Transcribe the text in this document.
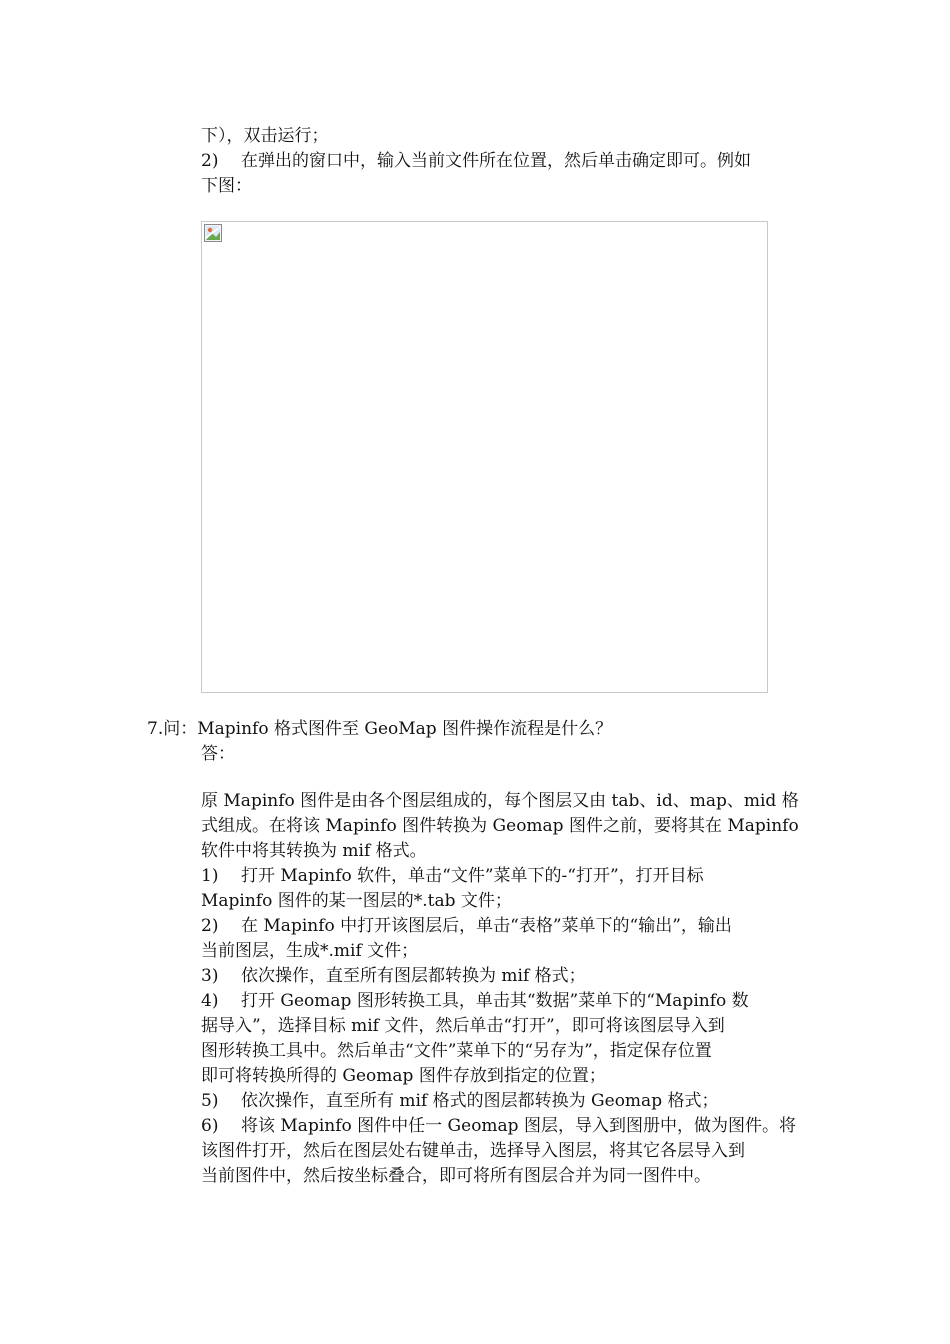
下），双击运行；
2) 在弹出的窗口中，输入当前文件所在位置，然后单击确定即可。例如
下图：
7.问：Mapinfo 格式图件至 GeoMap 图件操作流程是什么？
答：
原 Mapinfo 图件是由各个图层组成的，每个图层又由 tab、id、map、mid 格
式组成。在将该 Mapinfo 图件转换为 Geomap 图件之前，要将其在 Mapinfo
软件中将其转换为 mif 格式。
1) 打开 Mapinfo 软件，单击“文件”菜单下的-“打开”，打开目标
Mapinfo 图件的某一图层的*.tab 文件；
2) 在 Mapinfo 中打开该图层后，单击“表格”菜单下的“输出”，输出
当前图层，生成*.mif 文件；
3) 依次操作，直至所有图层都转换为 mif 格式；
4) 打开 Geomap 图形转换工具，单击其“数据”菜单下的“Mapinfo 数
据导入”，选择目标 mif 文件，然后单击“打开”，即可将该图层导入到
图形转换工具中。然后单击“文件”菜单下的“另存为”，指定保存位置
即可将转换所得的 Geomap 图件存放到指定的位置；
5) 依次操作，直至所有 mif 格式的图层都转换为 Geomap 格式；
6) 将该 Mapinfo 图件中任一 Geomap 图层，导入到图册中，做为图件。将
该图件打开，然后在图层处右键单击，选择导入图层，将其它各层导入到
当前图件中，然后按坐标叠合，即可将所有图层合并为同一图件中。
